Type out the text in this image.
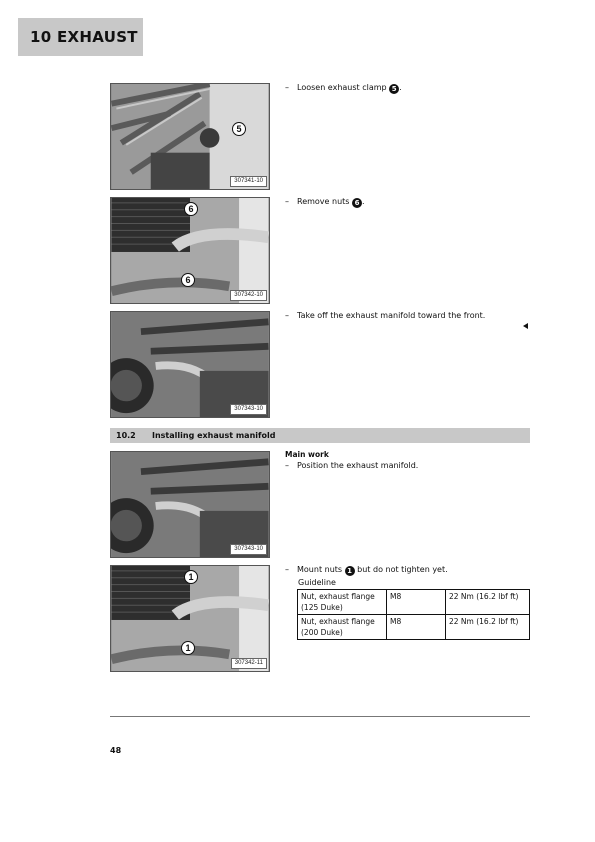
10 EXHAUST
5
307341-10
6
6
307342-10
307343-10
– Loosen exhaust clamp 5 .
– Remove nuts 6 .
– Take off the exhaust manifold toward the front.
10.2 Installing exhaust manifold
307343-10
1
1
307342-11
Main work
– Position the exhaust manifold.
– Mount nuts 1 but do not tighten yet.
Guideline
Nut, exhaust flange
(125 Duke)	M8	22 Nm (16.2 lbf ft)
Nut, exhaust flange
(200 Duke)	M8	22 Nm (16.2 lbf ft)
48
